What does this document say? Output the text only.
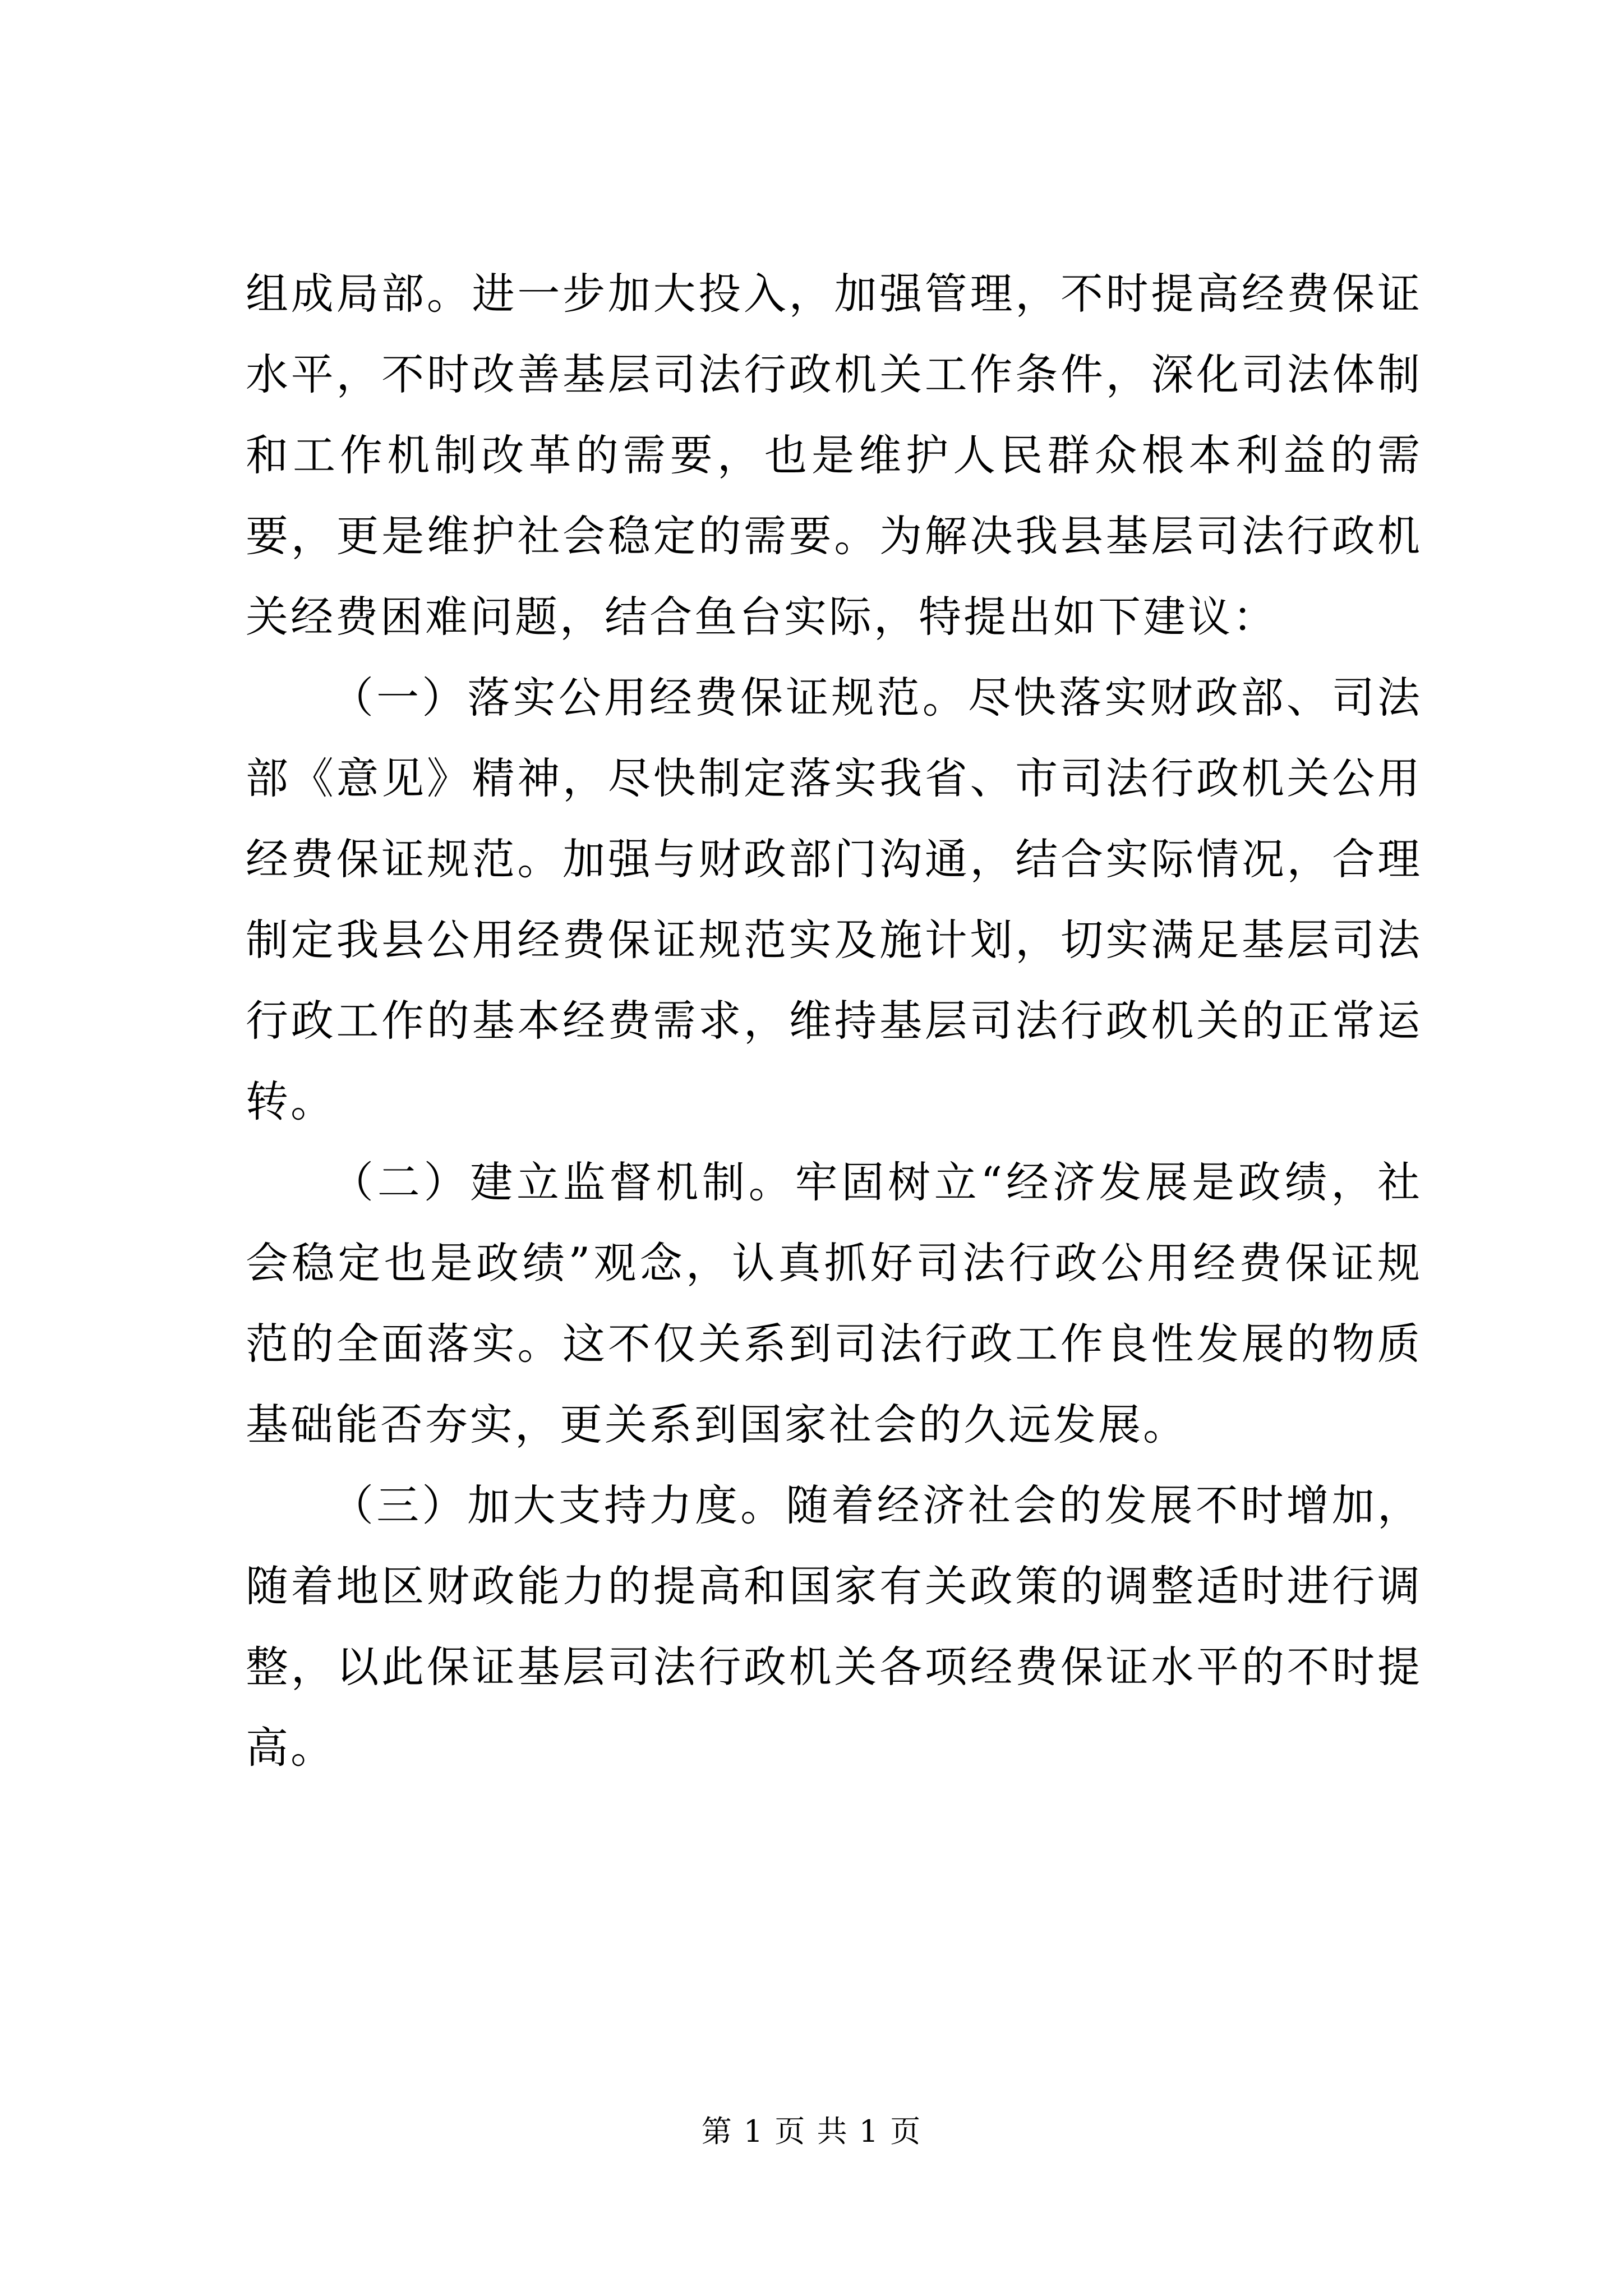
组成局部。进一步加大投入，加强管理，不时提高经费保证水平，不时改善基层司法行政机关工作条件，深化司法体制和工作机制改革的需要，也是维护人民群众根本利益的需要，更是维护社会稳定的需要。为解决我县基层司法行政机关经费困难问题，结合鱼台实际，特提出如下建议：

（一）落实公用经费保证规范。尽快落实财政部、司法部《意见》精神，尽快制定落实我省、市司法行政机关公用经费保证规范。加强与财政部门沟通，结合实际情况，合理制定我县公用经费保证规范实及施计划，切实满足基层司法行政工作的基本经费需求，维持基层司法行政机关的正常运转。

（二）建立监督机制。牢固树立“经济发展是政绩，社会稳定也是政绩”观念，认真抓好司法行政公用经费保证规范的全面落实。这不仅关系到司法行政工作良性发展的物质基础能否夯实，更关系到国家社会的久远发展。

（三）加大支持力度。随着经济社会的发展不时增加，随着地区财政能力的提高和国家有关政策的调整适时进行调整，以此保证基层司法行政机关各项经费保证水平的不时提高。

第 1 页 共 1 页
